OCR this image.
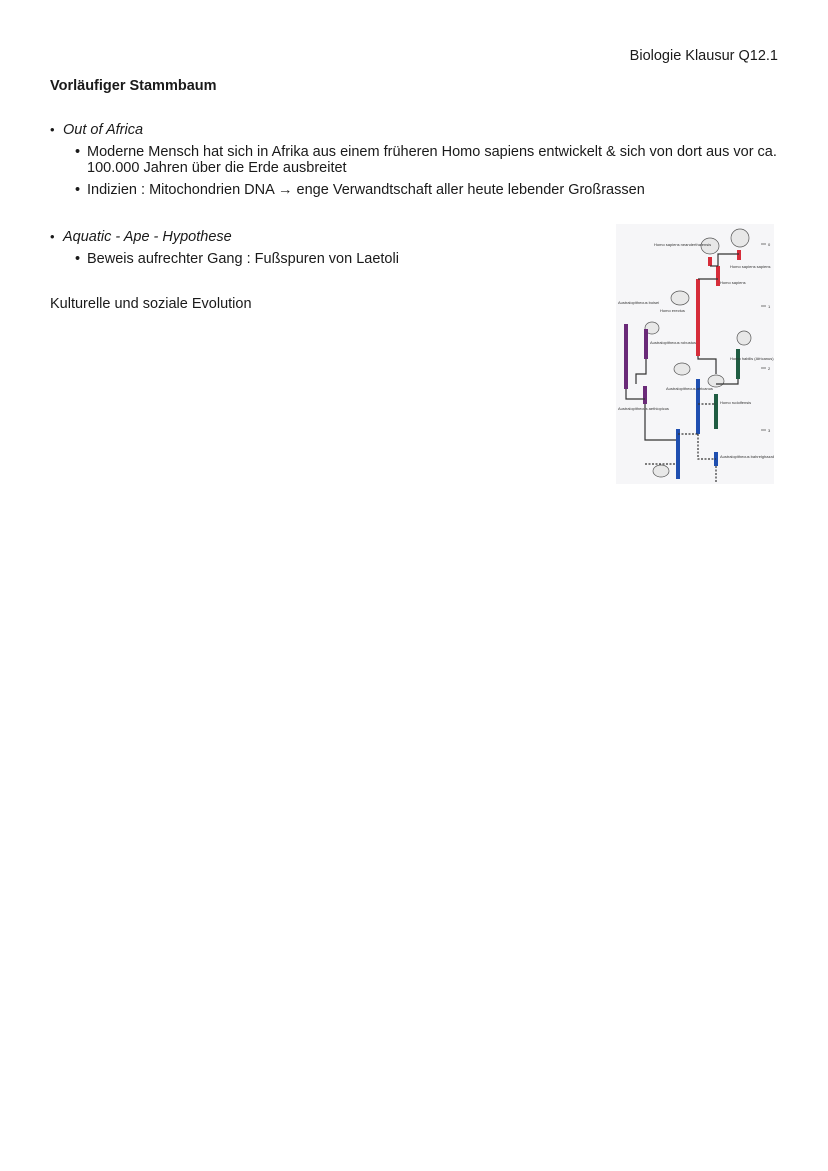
Biologie Klausur Q12.1
Vorläufiger Stammbaum
• Out of Africa
• Moderne Mensch hat sich in Afrika aus einem früheren Homo sapiens entwickelt & sich von dort aus vor ca. 100.000 Jahren über die Erde ausbreitet
• Indizien : Mitochondrien DNA → enge Verwandtschaft aller heute lebender Großrassen
• Aquatic - Ape - Hypothese
• Beweis aufrechter Gang : Fußspuren von Laetoli
Kulturelle und soziale Evolution
0
1
2
3
Homo sapiens neanderthalensis
Homo sapiens sapiens
Homo sapiens
Australopithecus boisei
Homo erectus
Australopithecus robustus
Homo habilis (Africanus)
Australopithecus africanus
Australopithecus aethiopicus
Homo rudolfensis
Australopithecus bahrelghazali
